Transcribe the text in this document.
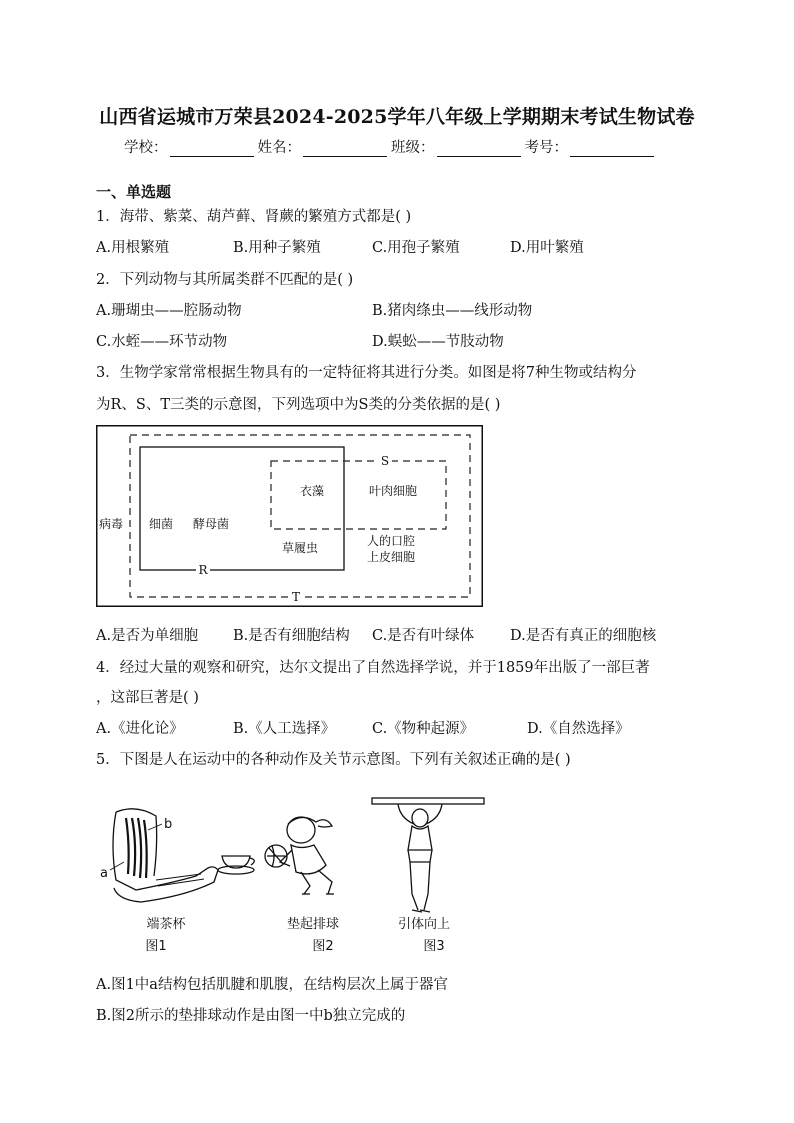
山西省运城市万荣县2024-2025学年八年级上学期期末考试生物试卷
学校：	姓名：	班级：	考号：
一、单选题
1．海带、紫菜、葫芦藓、肾蕨的繁殖方式都是( )
A.用根繁殖	B.用种子繁殖	C.用孢子繁殖	D.用叶繁殖
2．下列动物与其所属类群不匹配的是( )
A.珊瑚虫——腔肠动物	B.猪肉绦虫——线形动物
C.水蛭——环节动物	D.蜈蚣——节肢动物
3．生物学家常常根据生物具有的一定特征将其进行分类。如图是将7种生物或结构分
为R、S、T三类的示意图，下列选项中为S类的分类依据的是( )
S
R
T
病毒 细菌 酵母菌
衣藻	叶肉细胞
草履虫	人的口腔
上皮细胞
A.是否为单细胞 B.是否有细胞结构 C.是否有叶绿体 D.是否有真正的细胞核
4．经过大量的观察和研究，达尔文提出了自然选择学说，并于1859年出版了一部巨著
，这部巨著是( )
A.《进化论》	B.《人工选择》	C.《物种起源》	D.《自然选择》
5．下图是人在运动中的各种动作及关节示意图。下列有关叙述正确的是( )
a
b
端茶杯	垫起排球	引体向上
图1	图2	图3
A.图1中a结构包括肌腱和肌腹，在结构层次上属于器官
B.图2所示的垫排球动作是由图一中b独立完成的
